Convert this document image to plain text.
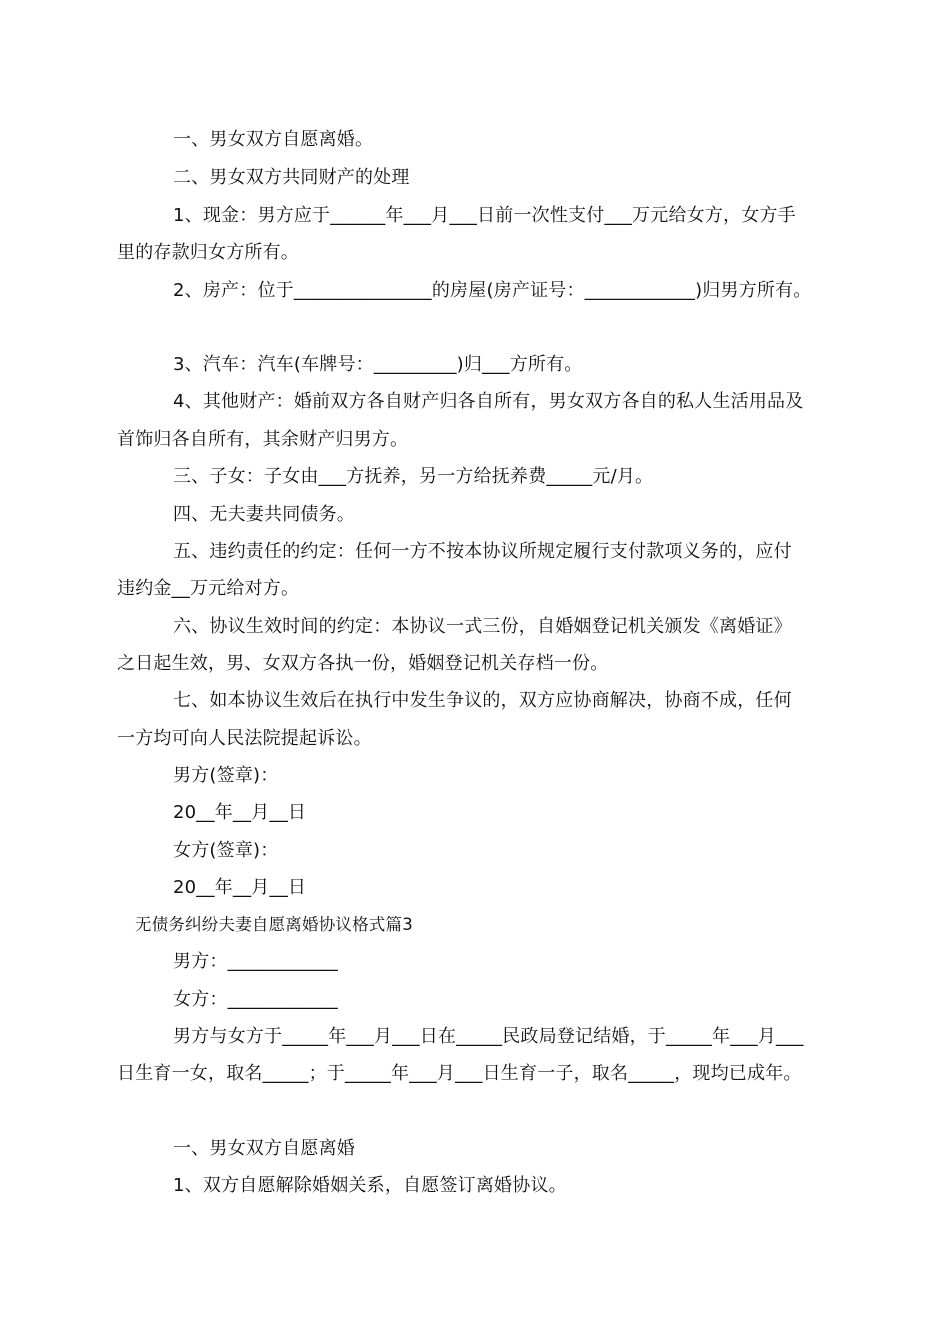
一、男女双方自愿离婚。
二、男女双方共同财产的处理
1、现金：男方应于______年___月___日前一次性支付___万元给女方，女方手
里的存款归女方所有。
2、房产：位于_______________的房屋(房产证号：____________)归男方所有。
3、汽车：汽车(车牌号：_________)归___方所有。
4、其他财产：婚前双方各自财产归各自所有，男女双方各自的私人生活用品及
首饰归各自所有，其余财产归男方。
三、子女：子女由___方抚养，另一方给抚养费_____元/月。
四、无夫妻共同债务。
五、违约责任的约定：任何一方不按本协议所规定履行支付款项义务的，应付
违约金__万元给对方。
六、协议生效时间的约定：本协议一式三份，自婚姻登记机关颁发《离婚证》
之日起生效，男、女双方各执一份，婚姻登记机关存档一份。
七、如本协议生效后在执行中发生争议的，双方应协商解决，协商不成，任何
一方均可向人民法院提起诉讼。
男方(签章)：
20__年__月__日
女方(签章)：
20__年__月__日
无债务纠纷夫妻自愿离婚协议格式篇3
男方：____________
女方：____________
男方与女方于_____年___月___日在_____民政局登记结婚，于_____年___月___
日生育一女，取名_____；于_____年___月___日生育一子，取名_____，现均已成年。
一、男女双方自愿离婚
1、双方自愿解除婚姻关系，自愿签订离婚协议。
